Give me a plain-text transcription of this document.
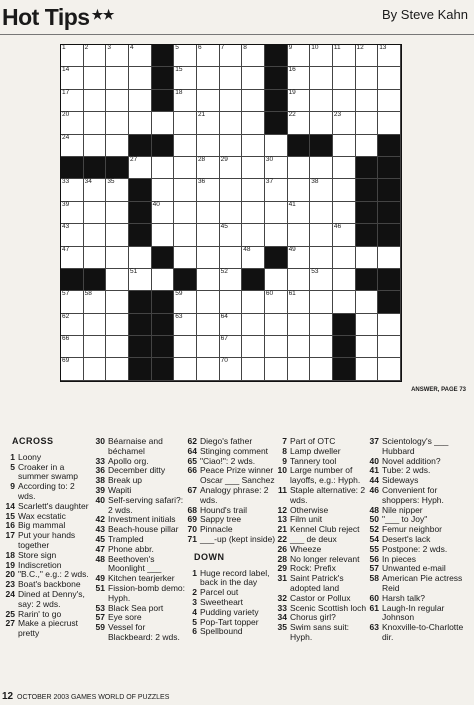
Hot Tips ★★	By Steve Kahn
1	2	3	4	5	6	7	8	9	10 11 12 13
14	15	16
17	18	19
20	21	22	23
24
27	28 29	30
33 34 35	36	37	38
39	40	41
43	45	46
47	48	49
51	52	53
57 58	59	60 61
62	63	64
66	67
69	70
ANSWER, PAGE 73
ACROSS
1 Loony
5 Croaker in a summer swamp
9 According to: 2 wds.
14 Scarlett's daughter
15 Wax ecstatic
16 Big mammal
17 Put your hands together
18 Store sign
19 Indiscretion
20 "B.C.," e.g.: 2 wds.
23 Boat's backbone
24 Dined at Denny's, say: 2 wds.
25 Rarin' to go
27 Make a piecrust pretty
30 Béarnaise and béchamel
33 Apollo org.
36 December ditty
38 Break up
39 Wapiti
40 Self-serving safari?: 2 wds.
42 Investment initials
43 Beach-house pillar
45 Trampled
47 Phone abbr.
48 Beethoven's Moonlight ___
49 Kitchen tearjerker
51 Fission-bomb demo: Hyph.
53 Black Sea port
57 Eye sore
59 Vessel for Blackbeard: 2 wds.
62 Diego's father
64 Stinging comment
65 "Ciao!": 2 wds.
66 Peace Prize winner Oscar ___ Sanchez
67 Analogy phrase: 2 wds.
68 Hound's trail
69 Sappy tree
70 Pinnacle
71 ___-up (kept inside)
DOWN
1 Huge record label, back in the day
2 Parcel out
3 Sweetheart
4 Pudding variety
5 Pop-Tart topper
6 Spellbound
7 Part of OTC
8 Lamp dweller
9 Tannery tool
10 Large number of layoffs, e.g.: Hyph.
11 Staple alternative: 2 wds.
12 Otherwise
13 Film unit
21 Kennel Club reject
22 ___ de deux
26 Wheeze
28 No longer relevant
29 Rock: Prefix
31 Saint Patrick's adopted land
32 Castor or Pollux
33 Scenic Scottish loch
34 Chorus girl?
35 Swim sans suit: Hyph.
37 Scientology's ___ Hubbard
40 Novel addition?
41 Tube: 2 wds.
44 Sideways
46 Convenient for shoppers: Hyph.
48 Nile nipper
50 "___ to Joy"
52 Femur neighbor
54 Desert's lack
55 Postpone: 2 wds.
56 In pieces
57 Unwanted e-mail
58 American Pie actress Reid
60 Harsh talk?
61 Laugh-In regular Johnson
63 Knoxville-to-Charlotte dir.
12 OCTOBER 2003 GAMES WORLD OF PUZZLES
